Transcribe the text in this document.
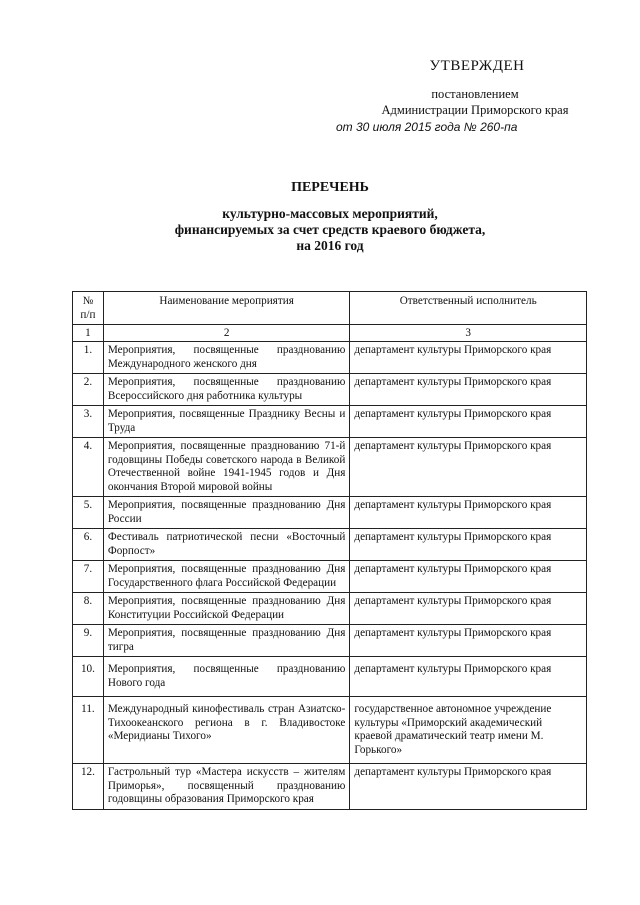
УТВЕРЖДЕН
постановлением
Администрации Приморского края
от 30 июля 2015 года № 260-па
ПЕРЕЧЕНЬ
культурно-массовых мероприятий,
финансируемых за счет средств краевого бюджета,
на 2016 год
№ п/п	Наименование мероприятия	Ответственный исполнитель
1	2	3
1.	Мероприятия, посвященные празднованию Международного женского дня	департамент культуры Приморского края
2.	Мероприятия, посвященные празднованию Всероссийского дня работника культуры	департамент культуры Приморского края
3.	Мероприятия, посвященные Празднику Весны и Труда	департамент культуры Приморского края
4.	Мероприятия, посвященные празднованию 71-й годовщины Победы советского народа в Великой Отечественной войне 1941-1945 годов и Дня окончания Второй мировой войны	департамент культуры Приморского края
5.	Мероприятия, посвященные празднованию Дня России	департамент культуры Приморского края
6.	Фестиваль патриотической песни «Восточный Форпост»	департамент культуры Приморского края
7.	Мероприятия, посвященные празднованию Дня Государственного флага Российской Федерации	департамент культуры Приморского края
8.	Мероприятия, посвященные празднованию Дня Конституции Российской Федерации	департамент культуры Приморского края
9.	Мероприятия, посвященные празднованию Дня тигра	департамент культуры Приморского края
10.	Мероприятия, посвященные празднованию Нового года	департамент культуры Приморского края
11.	Международный кинофестиваль стран Азиатско-Тихоокеанского региона в г. Владивостоке «Меридианы Тихого»	государственное автономное учреждение культуры «Приморский академический краевой драматический театр имени М. Горького»
12.	Гастрольный тур «Мастера искусств – жителям Приморья», посвященный празднованию годовщины образования Приморского края	департамент культуры Приморского края
